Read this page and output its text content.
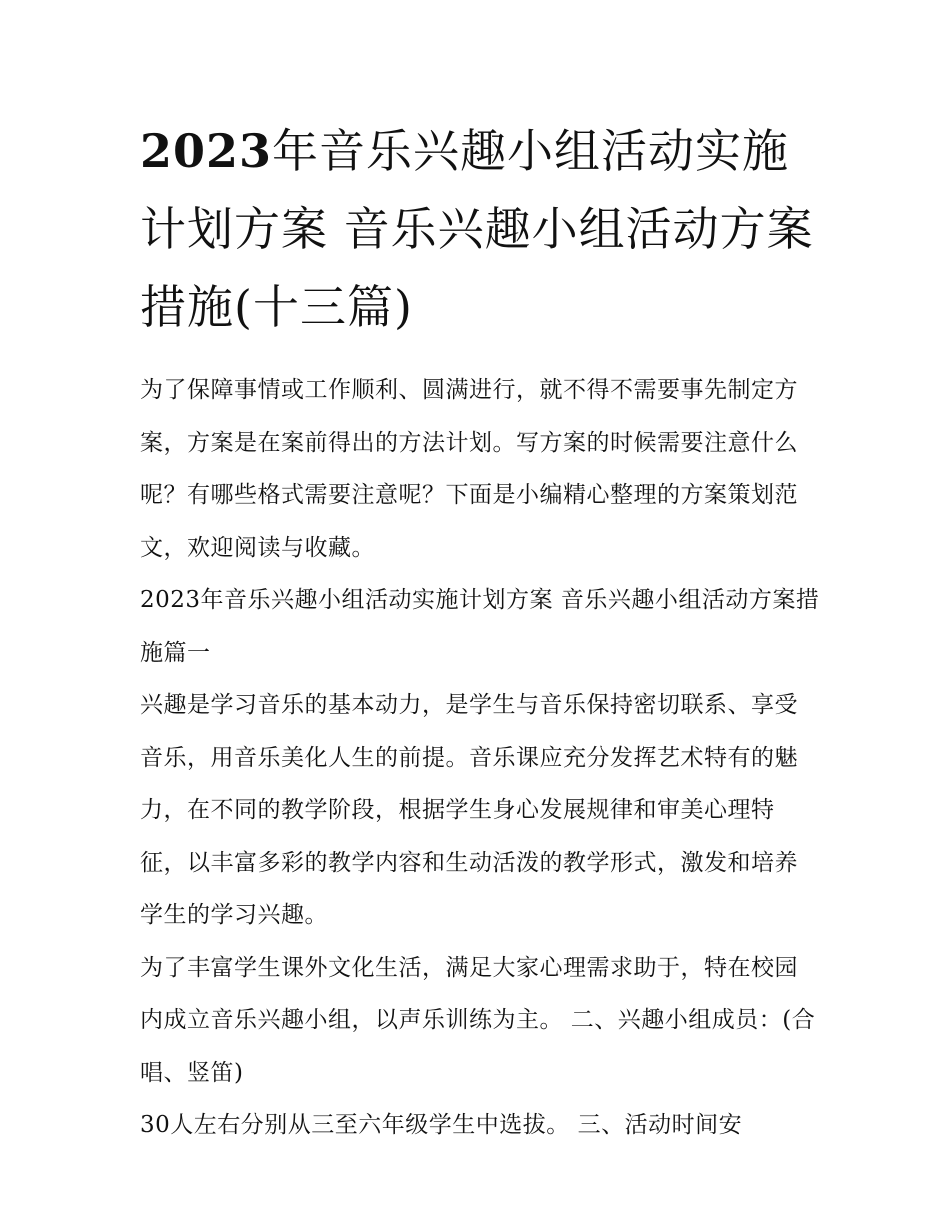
2023年音乐兴趣小组活动实施计划方案 音乐兴趣小组活动方案措施(十三篇)

为了保障事情或工作顺利、圆满进行，就不得不需要事先制定方案，方案是在案前得出的方法计划。写方案的时候需要注意什么呢？有哪些格式需要注意呢？下面是小编精心整理的方案策划范文，欢迎阅读与收藏。

2023年音乐兴趣小组活动实施计划方案 音乐兴趣小组活动方案措施篇一

兴趣是学习音乐的基本动力，是学生与音乐保持密切联系、享受音乐，用音乐美化人生的前提。音乐课应充分发挥艺术特有的魅力，在不同的教学阶段，根据学生身心发展规律和审美心理特征，以丰富多彩的教学内容和生动活泼的教学形式，激发和培养学生的学习兴趣。

为了丰富学生课外文化生活，满足大家心理需求助于，特在校园内成立音乐兴趣小组，以声乐训练为主。 二、兴趣小组成员：(合唱、竖笛)

30人左右分别从三至六年级学生中选拔。 三、活动时间安
